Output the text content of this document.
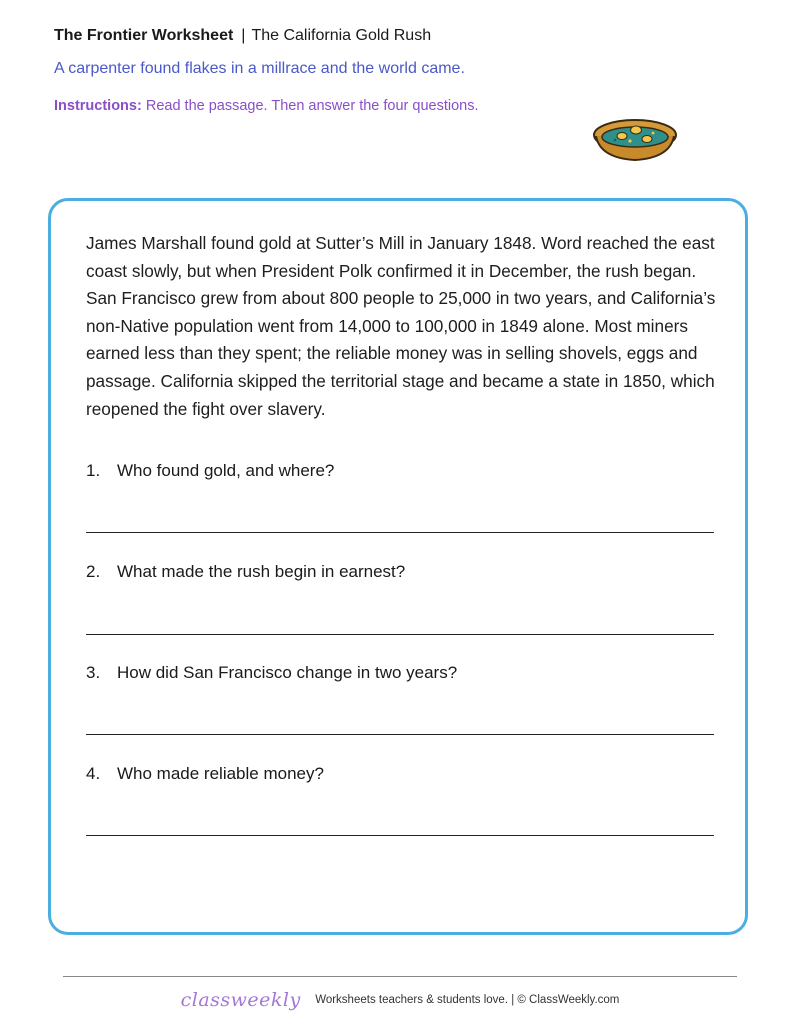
The Frontier Worksheet | The California Gold Rush
A carpenter found flakes in a millrace and the world came.
Instructions: Read the passage. Then answer the four questions.
James Marshall found gold at Sutter’s Mill in January 1848. Word reached the east coast slowly, but when President Polk confirmed it in December, the rush began. San Francisco grew from about 800 people to 25,000 in two years, and California’s non-Native population went from 14,000 to 100,000 in 1849 alone. Most miners earned less than they spent; the reliable money was in selling shovels, eggs and passage. California skipped the territorial stage and became a state in 1850, which reopened the fight over slavery.
1. Who found gold, and where?
2. What made the rush begin in earnest?
3. How did San Francisco change in two years?
4. Who made reliable money?
classweekly Worksheets teachers & students love. | © ClassWeekly.com
